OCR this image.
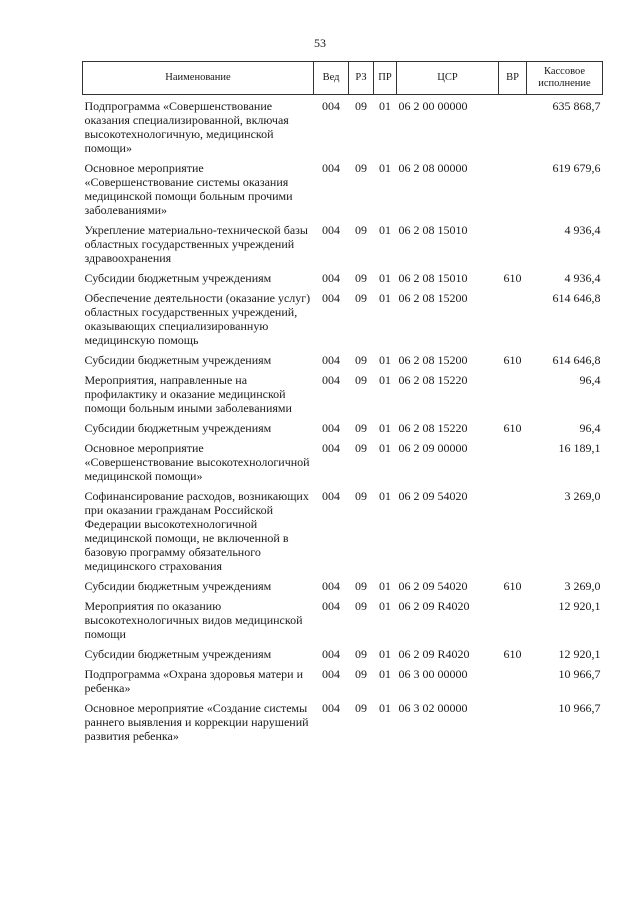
53
Наименование	Вед	РЗ	ПР	ЦСР	ВР	Кассовое исполнение
Подпрограмма «Совершенствование оказания специализированной, включая высокотехнологичную, медицинской помощи»	004	09	01	06 2 00 00000		635 868,7
Основное мероприятие «Совершенствование системы оказания медицинской помощи больным прочими заболеваниями»	004	09	01	06 2 08 00000		619 679,6
Укрепление материально-технической базы областных государственных учреждений здравоохранения	004	09	01	06 2 08 15010		4 936,4
Субсидии бюджетным учреждениям	004	09	01	06 2 08 15010	610	4 936,4
Обеспечение деятельности (оказание услуг) областных государственных учреждений, оказывающих специализированную медицинскую помощь	004	09	01	06 2 08 15200		614 646,8
Субсидии бюджетным учреждениям	004	09	01	06 2 08 15200	610	614 646,8
Мероприятия, направленные на профилактику и оказание медицинской помощи больным иными заболеваниями	004	09	01	06 2 08 15220		96,4
Субсидии бюджетным учреждениям	004	09	01	06 2 08 15220	610	96,4
Основное мероприятие «Совершенствование высокотехнологичной медицинской помощи»	004	09	01	06 2 09 00000		16 189,1
Софинансирование расходов, возникающих при оказании гражданам Российской Федерации высокотехнологичной медицинской помощи, не включенной в базовую программу обязательного медицинского страхования	004	09	01	06 2 09 54020		3 269,0
Субсидии бюджетным учреждениям	004	09	01	06 2 09 54020	610	3 269,0
Мероприятия по оказанию высокотехнологичных видов медицинской помощи	004	09	01	06 2 09 R4020		12 920,1
Субсидии бюджетным учреждениям	004	09	01	06 2 09 R4020	610	12 920,1
Подпрограмма «Охрана здоровья матери и ребенка»	004	09	01	06 3 00 00000		10 966,7
Основное мероприятие «Создание системы раннего выявления и коррекции нарушений развития ребенка»	004	09	01	06 3 02 00000		10 966,7
